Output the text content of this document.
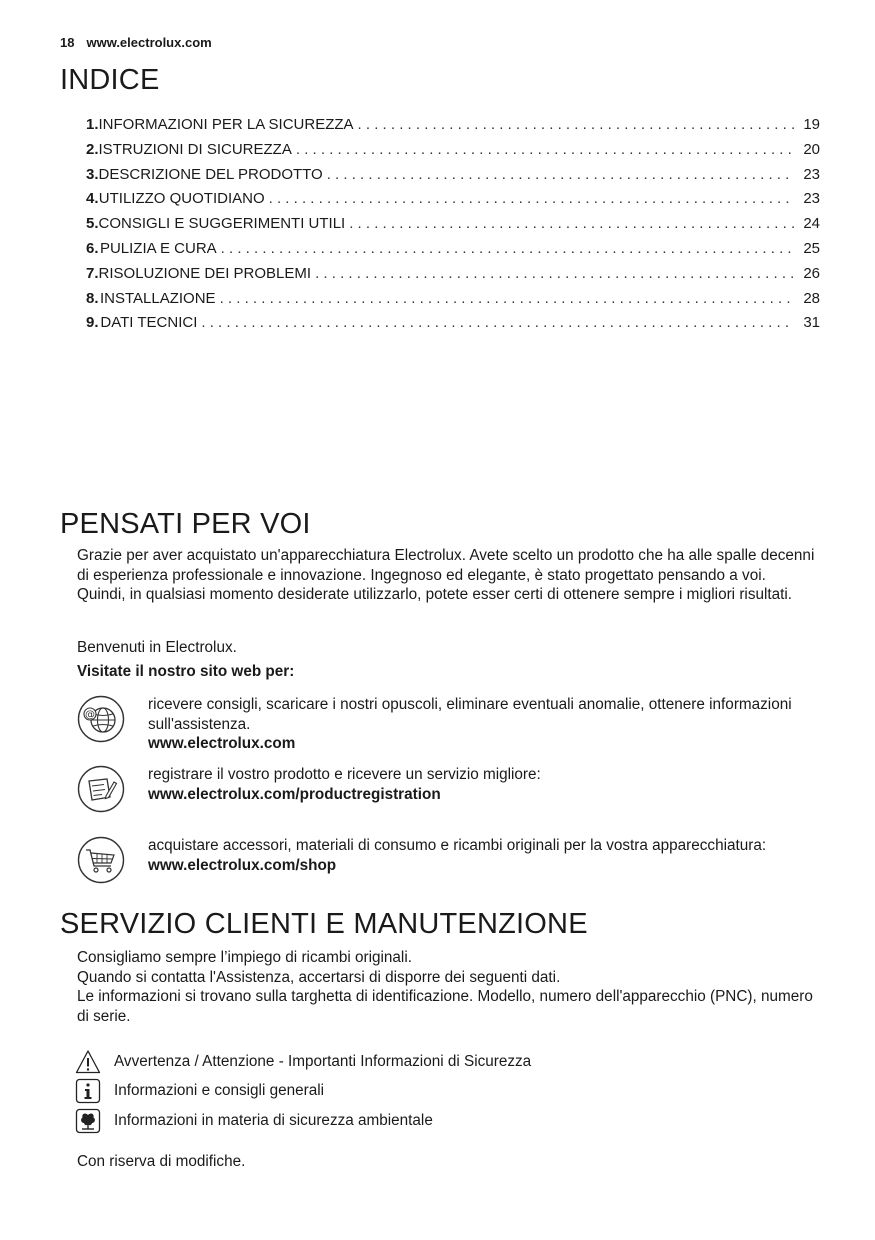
18 www.electrolux.com
INDICE
1. INFORMAZIONI PER LA SICUREZZA . . .	19
2. ISTRUZIONI DI SICUREZZA . . .	20
3. DESCRIZIONE DEL PRODOTTO . . .	23
4. UTILIZZO QUOTIDIANO . . .	23
5. CONSIGLI E SUGGERIMENTI UTILI . . .	24
6. PULIZIA E CURA . . .	25
7. RISOLUZIONE DEI PROBLEMI . . .	26
8. INSTALLAZIONE . . .	28
9. DATI TECNICI . . .	31
PENSATI PER VOI
Grazie per aver acquistato un'apparecchiatura Electrolux. Avete scelto un prodotto che ha alle spalle decenni di esperienza professionale e innovazione. Ingegnoso ed elegante, è stato progettato pensando a voi. Quindi, in qualsiasi momento desiderate utilizzarlo, potete esser certi di ottenere sempre i migliori risultati.
Benvenuti in Electrolux.
Visitate il nostro sito web per:
@
ricevere consigli, scaricare i nostri opuscoli, eliminare eventuali anomalie, ottenere informazioni sull'assistenza.
www.electrolux.com
registrare il vostro prodotto e ricevere un servizio migliore:
www.electrolux.com/productregistration
acquistare accessori, materiali di consumo e ricambi originali per la vostra apparecchiatura:
www.electrolux.com/shop
SERVIZIO CLIENTI E MANUTENZIONE
Consigliamo sempre l’impiego di ricambi originali.
Quando si contatta l'Assistenza, accertarsi di disporre dei seguenti dati.
Le informazioni si trovano sulla targhetta di identificazione. Modello, numero dell'apparecchio (PNC), numero di serie.
Avvertenza / Attenzione - Importanti Informazioni di Sicurezza
Informazioni e consigli generali
Informazioni in materia di sicurezza ambientale
Con riserva di modifiche.
